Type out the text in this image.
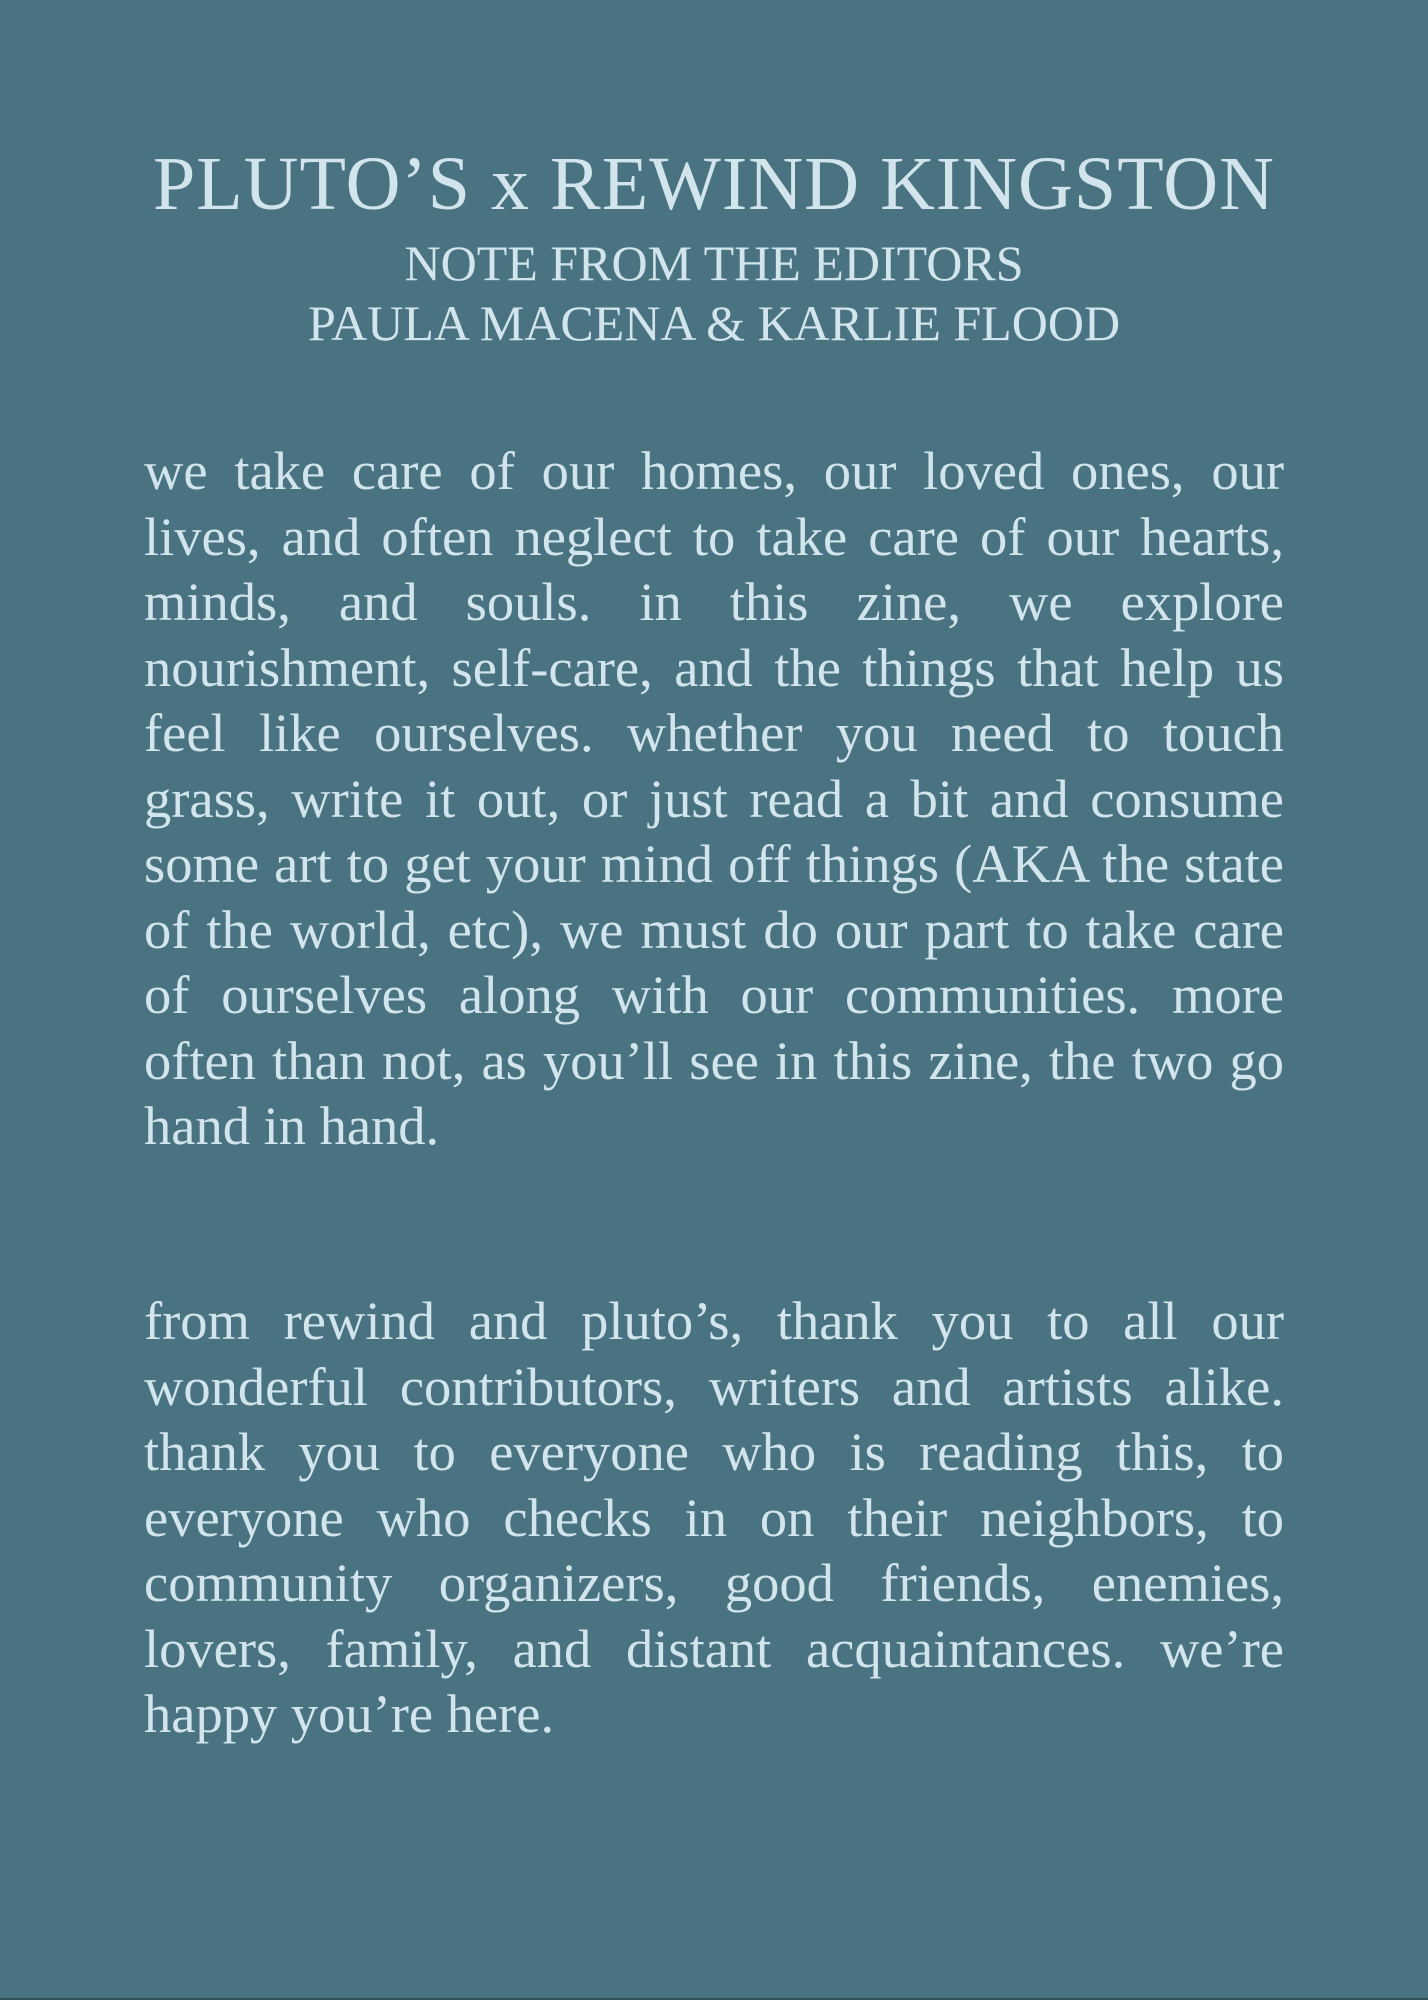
PLUTO’S x REWIND KINGSTON
NOTE FROM THE EDITORS
PAULA MACENA & KARLIE FLOOD

we take care of our homes, our loved ones, our lives, and often neglect to take care of our hearts, minds, and souls. in this zine, we explore nourishment, self-care, and the things that help us feel like ourselves. whether you need to touch grass, write it out, or just read a bit and consume some art to get your mind off things (AKA the state of the world, etc), we must do our part to take care of ourselves along with our communities. more often than not, as you’ll see in this zine, the two go hand in hand.

from rewind and pluto’s, thank you to all our wonderful contributors, writers and artists alike. thank you to everyone who is reading this, to everyone who checks in on their neighbors, to community organizers, good friends, enemies, lovers, family, and distant acquaintances. we’re happy you’re here.
